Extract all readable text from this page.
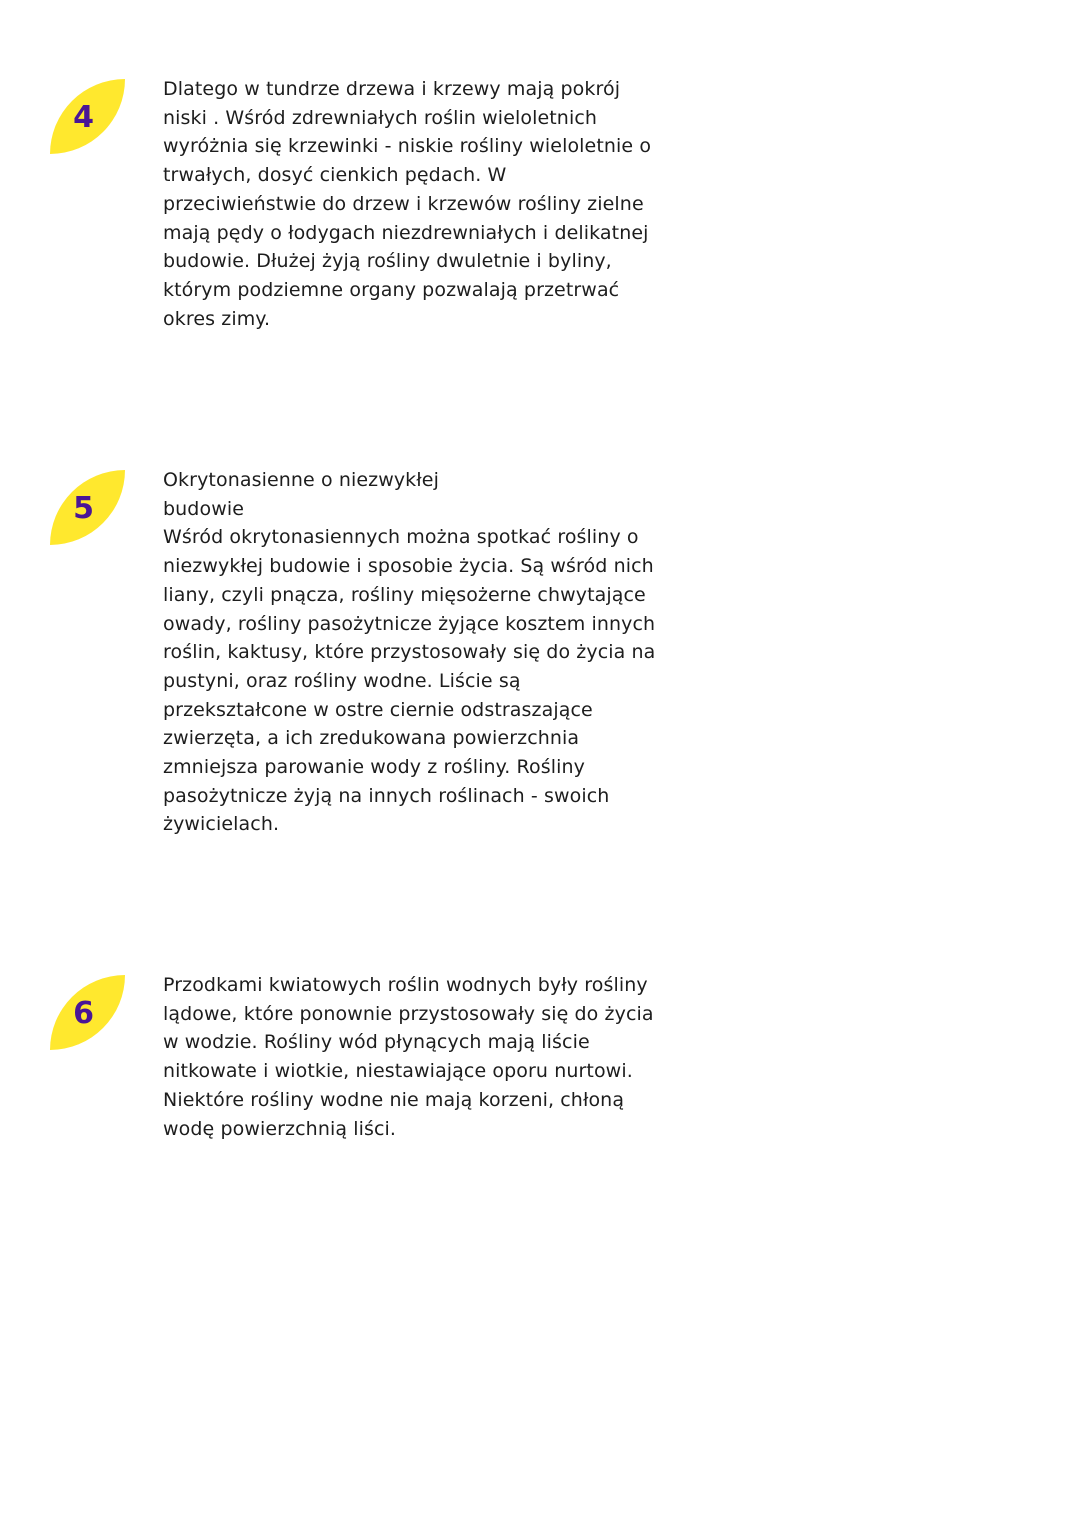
4
Dlatego w tundrze drzewa i krzewy mają pokrój
niski . Wśród zdrewniałych roślin wieloletnich
wyróżnia się krzewinki - niskie rośliny wieloletnie o
trwałych, dosyć cienkich pędach. W
przeciwieństwie do drzew i krzewów rośliny zielne
mają pędy o łodygach niezdrewniałych i delikatnej
budowie. Dłużej żyją rośliny dwuletnie i byliny,
którym podziemne organy pozwalają przetrwać
okres zimy.
5
Okrytonasienne o niezwykłej
budowie
Wśród okrytonasiennych można spotkać rośliny o
niezwykłej budowie i sposobie życia. Są wśród nich
liany, czyli pnącza, rośliny mięsożerne chwytające
owady, rośliny pasożytnicze żyjące kosztem innych
roślin, kaktusy, które przystosowały się do życia na
pustyni, oraz rośliny wodne. Liście są
przekształcone w ostre ciernie odstraszające
zwierzęta, a ich zredukowana powierzchnia
zmniejsza parowanie wody z rośliny. Rośliny
pasożytnicze żyją na innych roślinach - swoich
żywicielach.
6
Przodkami kwiatowych roślin wodnych były rośliny
lądowe, które ponownie przystosowały się do życia
w wodzie. Rośliny wód płynących mają liście
nitkowate i wiotkie, niestawiające oporu nurtowi.
Niektóre rośliny wodne nie mają korzeni, chłoną
wodę powierzchnią liści.
